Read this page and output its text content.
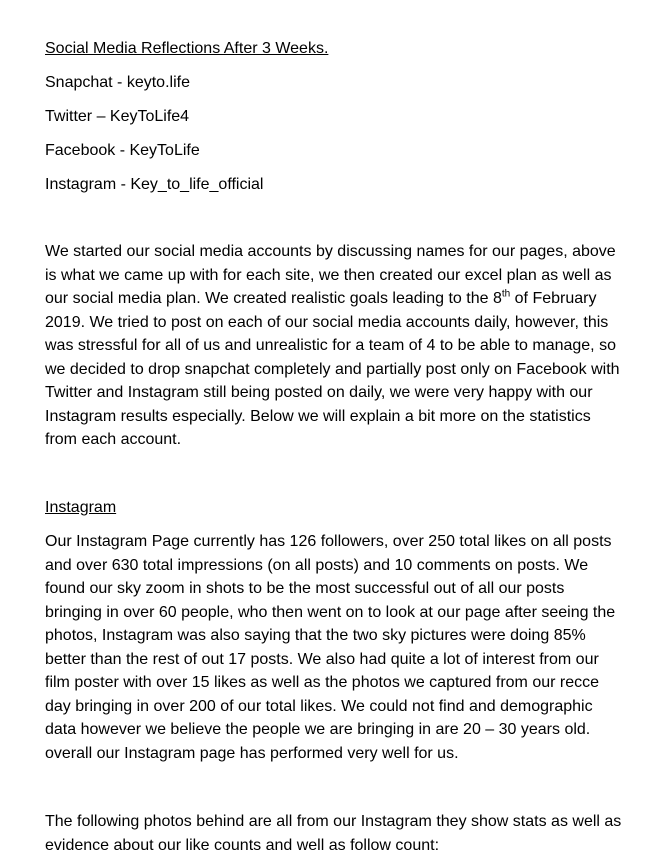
Social Media Reflections After 3 Weeks.

Snapchat - keyto.life

Twitter – KeyToLife4

Facebook - KeyToLife

Instagram - Key_to_life_official

We started our social media accounts by discussing names for our pages, above is what we came up with for each site, we then created our excel plan as well as our social media plan. We created realistic goals leading to the 8th of February 2019. We tried to post on each of our social media accounts daily, however, this was stressful for all of us and unrealistic for a team of 4 to be able to manage, so we decided to drop snapchat completely and partially post only on Facebook with Twitter and Instagram still being posted on daily, we were very happy with our Instagram results especially. Below we will explain a bit more on the statistics from each account.

Instagram

Our Instagram Page currently has 126 followers, over 250 total likes on all posts and over 630 total impressions (on all posts) and 10 comments on posts. We found our sky zoom in shots to be the most successful out of all our posts bringing in over 60 people, who then went on to look at our page after seeing the photos, Instagram was also saying that the two sky pictures were doing 85% better than the rest of out 17 posts. We also had quite a lot of interest from our film poster with over 15 likes as well as the photos we captured from our recce day bringing in over 200 of our total likes. We could not find and demographic data however we believe the people we are bringing in are 20 – 30 years old. overall our Instagram page has performed very well for us.

The following photos behind are all from our Instagram they show stats as well as evidence about our like counts and well as follow count:
